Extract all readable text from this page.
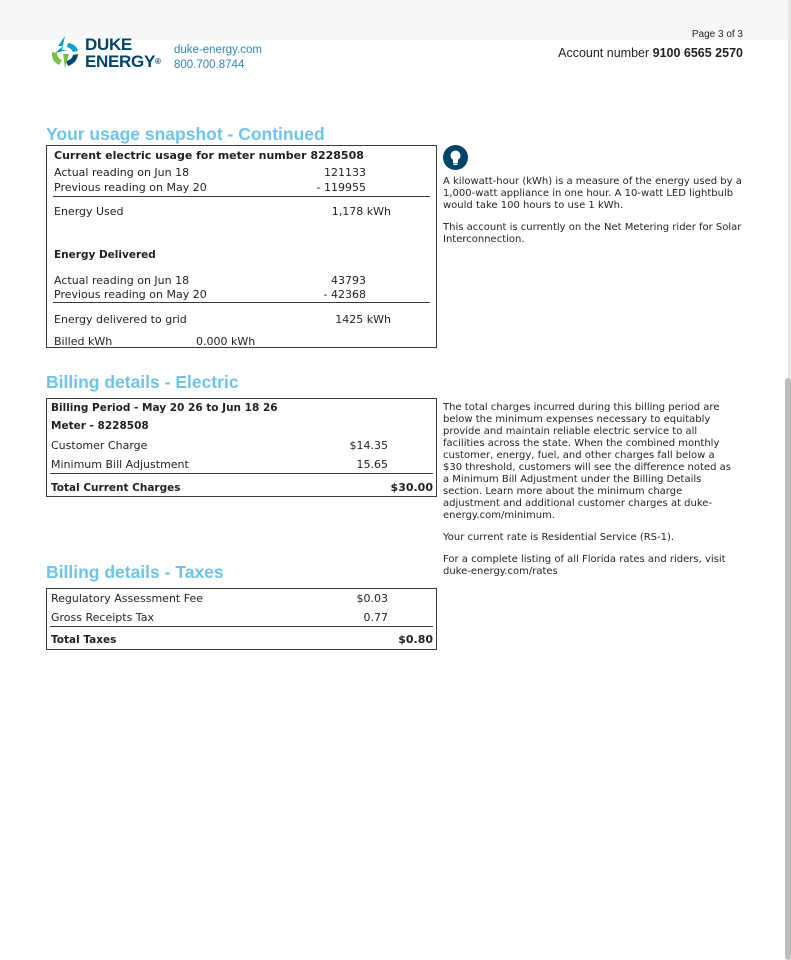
DUKE
ENERGY®
duke-energy.com
800.700.8744
Page 3 of 3
Account number 9100 6565 2570
Your usage snapshot - Continued
Current electric usage for meter number 8228508
Actual reading on Jun 18	121133
Previous reading on May 20	- 119955
Energy Used	1,178 kWh
Energy Delivered
Actual reading on Jun 18	43793
Previous reading on May 20	- 42368
Energy delivered to grid	1425 kWh
Billed kWh	0.000 kWh

A kilowatt-hour (kWh) is a measure of the energy used by a 1,000-watt appliance in one hour. A 10-watt LED lightbulb would take 100 hours to use 1 kWh.

This account is currently on the Net Metering rider for Solar Interconnection.

Billing details - Electric
Billing Period - May 20 26 to Jun 18 26
Meter - 8228508
Customer Charge	$14.35
Minimum Bill Adjustment	15.65
Total Current Charges	$30.00

The total charges incurred during this billing period are below the minimum expenses necessary to equitably provide and maintain reliable electric service to all facilities across the state. When the combined monthly customer, energy, fuel, and other charges fall below a $30 threshold, customers will see the difference noted as a Minimum Bill Adjustment under the Billing Details section. Learn more about the minimum charge adjustment and additional customer charges at duke- energy.com/minimum.

Your current rate is Residential Service (RS-1).

For a complete listing of all Florida rates and riders, visit duke-energy.com/rates

Billing details - Taxes
Regulatory Assessment Fee	$0.03
Gross Receipts Tax	0.77
Total Taxes	$0.80
